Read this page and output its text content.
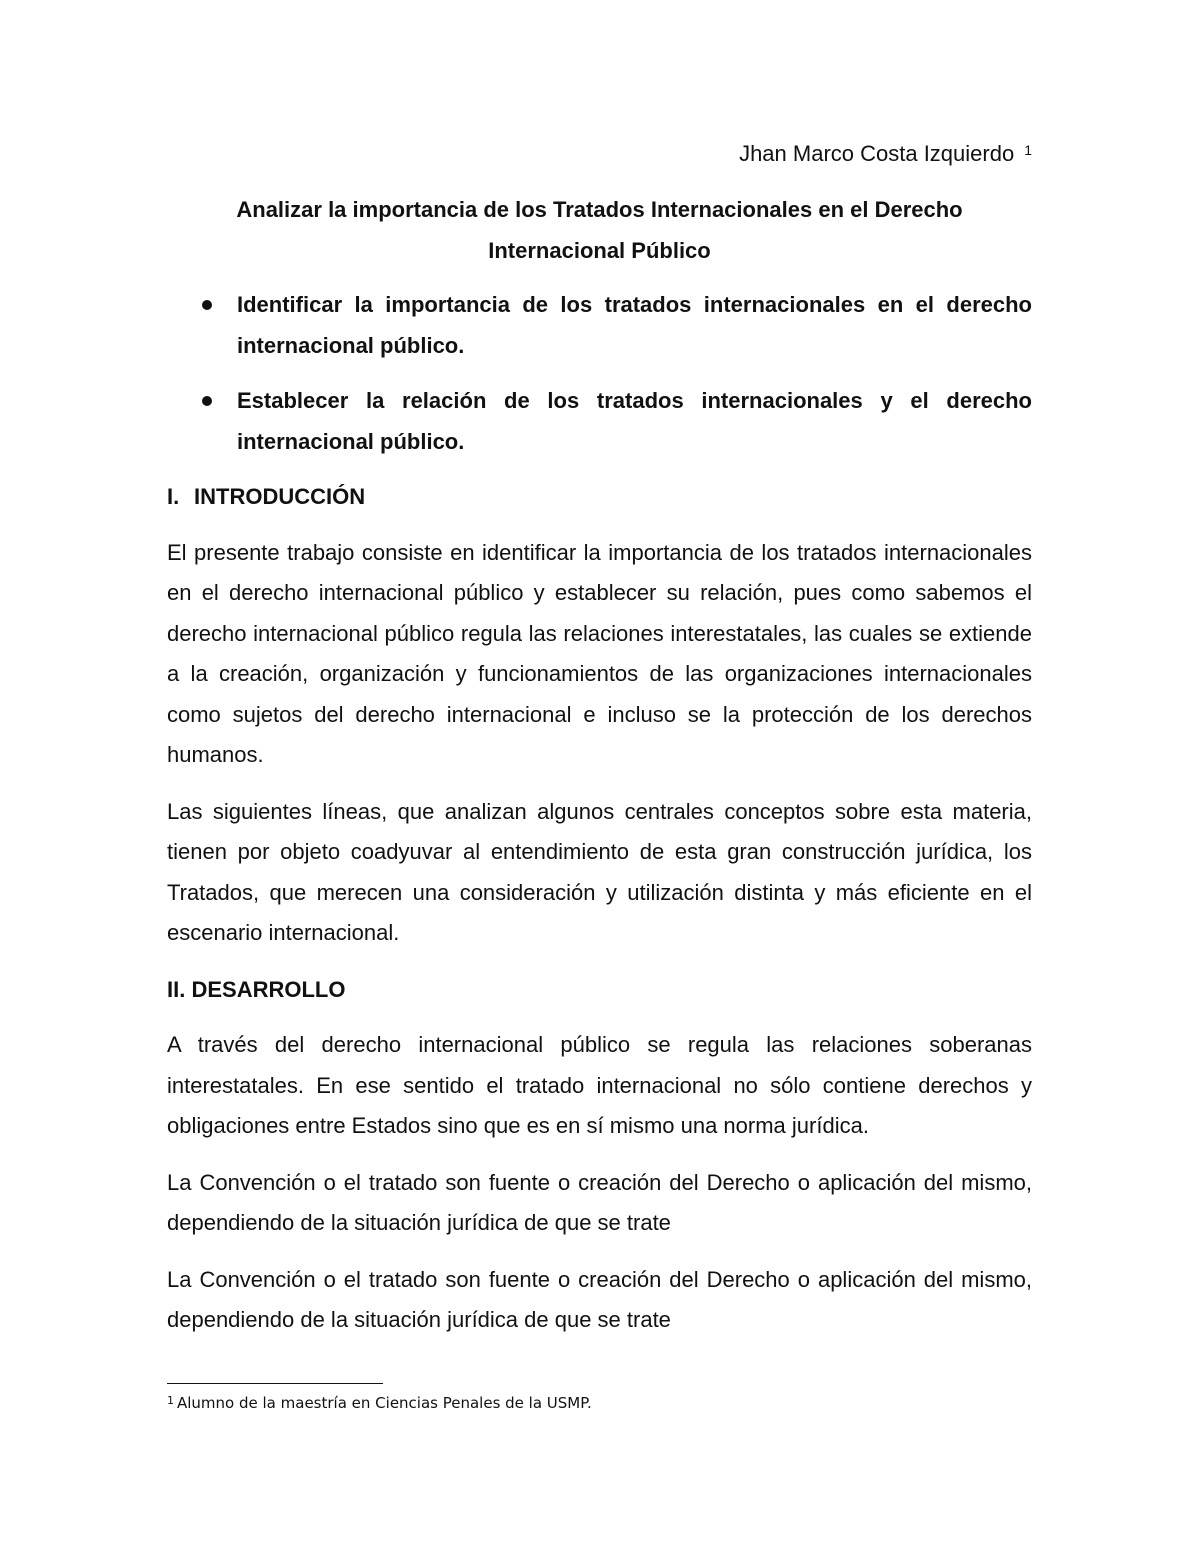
Jhan Marco Costa Izquierdo $^1$

Analizar la importancia de los Tratados Internacionales en el Derecho Internacional Público

Identificar la importancia de los tratados internacionales en el derecho internacional público.
Establecer la relación de los tratados internacionales y el derecho internacional público.

I. INTRODUCCIÓN

El presente trabajo consiste en identificar la importancia de los tratados internacionales en el derecho internacional público y establecer su relación, pues como sabemos el derecho internacional público regula las relaciones interestatales, las cuales se extiende a la creación, organización y funcionamientos de las organizaciones internacionales como sujetos del derecho internacional e incluso se la protección de los derechos humanos.

Las siguientes líneas, que analizan algunos centrales conceptos sobre esta materia, tienen por objeto coadyuvar al entendimiento de esta gran construcción jurídica, los Tratados, que merecen una consideración y utilización distinta y más eficiente en el escenario internacional.

II. DESARROLLO

A través del derecho internacional público se regula las relaciones soberanas interestatales. En ese sentido el tratado internacional no sólo contiene derechos y obligaciones entre Estados sino que es en sí mismo una norma jurídica.

La Convención o el tratado son fuente o creación del Derecho o aplicación del mismo, dependiendo de la situación jurídica de que se trate

La Convención o el tratado son fuente o creación del Derecho o aplicación del mismo, dependiendo de la situación jurídica de que se trate

$^1$ Alumno de la maestría en Ciencias Penales de la USMP.
